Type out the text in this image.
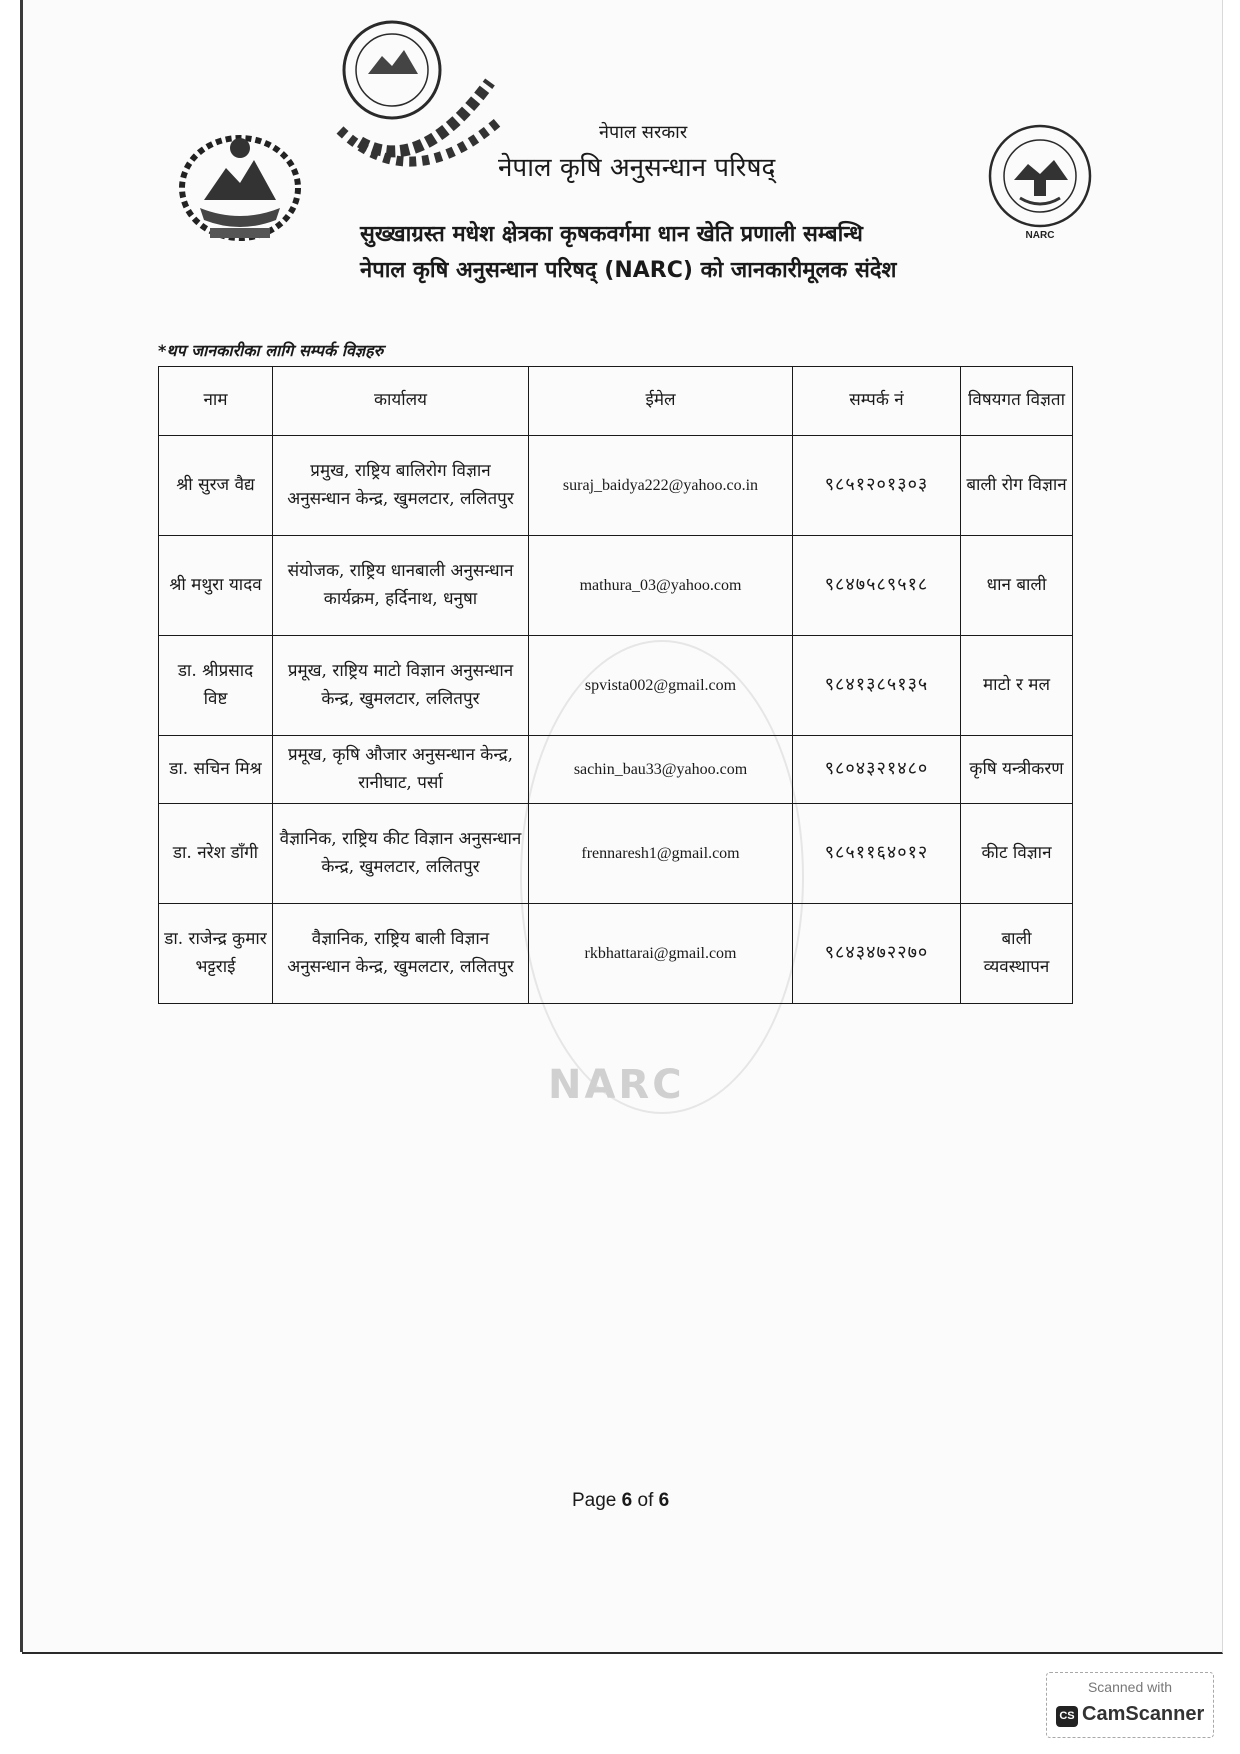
NARC
नेपाल सरकार
नेपाल कृषि अनुसन्धान परिषद्
सुख्खाग्रस्त मधेश क्षेत्रका कृषकवर्गमा धान खेति प्रणाली सम्बन्धि
नेपाल कृषि अनुसन्धान परिषद् (NARC) को जानकारीमूलक संदेश
*थप जानकारीका लागि सम्पर्क विज्ञहरु
NARC
नाम	कार्यालय	ईमेल	सम्पर्क नं	विषयगत विज्ञता
श्री सुरज वैद्य	प्रमुख, राष्ट्रिय बालिरोग विज्ञान अनुसन्धान केन्द्र, खुमलटार, ललितपुर	suraj_baidya222@yahoo.co.in	९८५१२०१३०३	बाली रोग विज्ञान
श्री मथुरा यादव	संयोजक, राष्ट्रिय धानबाली अनुसन्धान कार्यक्रम, हर्दिनाथ, धनुषा	mathura_03@yahoo.com	९८४७५८९५१८	धान बाली
डा. श्रीप्रसाद विष्ट	प्रमूख, राष्ट्रिय माटो विज्ञान अनुसन्धान केन्द्र, खुमलटार, ललितपुर	spvista002@gmail.com	९८४१३८५१३५	माटो र मल
डा. सचिन मिश्र	प्रमूख, कृषि औजार अनुसन्धान केन्द्र, रानीघाट, पर्सा	sachin_bau33@yahoo.com	९८०४३२१४८०	कृषि यन्त्रीकरण
डा. नरेश डाँगी	वैज्ञानिक, राष्ट्रिय कीट विज्ञान अनुसन्धान केन्द्र, खुमलटार, ललितपुर	frennaresh1@gmail.com	९८५११६४०१२	कीट विज्ञान
डा. राजेन्द्र कुमार भट्टराई	वैज्ञानिक, राष्ट्रिय बाली विज्ञान अनुसन्धान केन्द्र, खुमलटार, ललितपुर	rkbhattarai@gmail.com	९८४३४७२२७०	बाली व्यवस्थापन
Page 6 of 6
Scanned with
CS CamScanner
